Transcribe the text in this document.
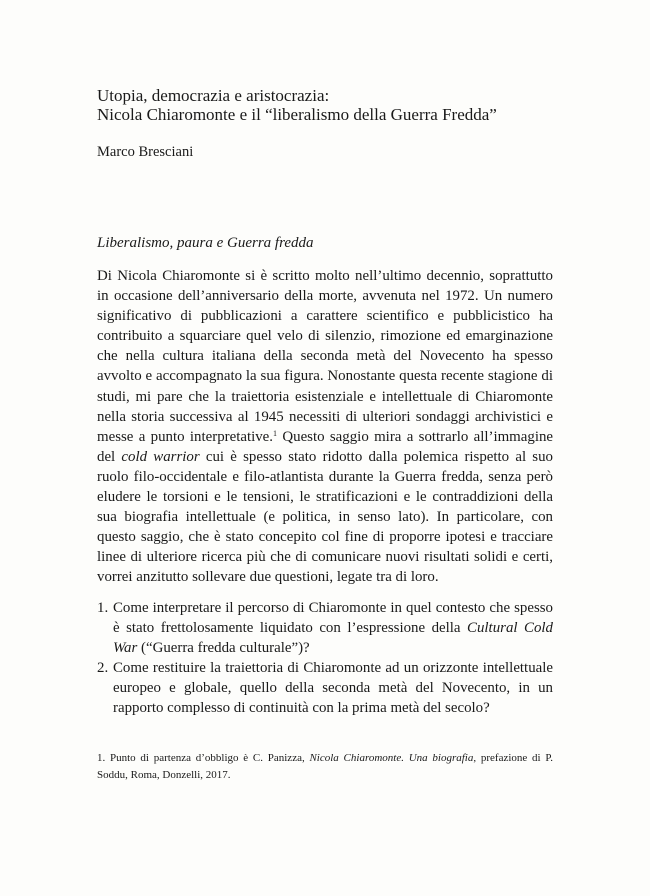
Utopia, democrazia e aristocrazia:
Nicola Chiaromonte e il “liberalismo della Guerra Fredda”
Marco Bresciani
Liberalismo, paura e Guerra fredda

Di Nicola Chiaromonte si è scritto molto nell’ultimo decennio, soprattutto in occasione dell’anniversario della morte, avvenuta nel 1972. Un numero significativo di pubblicazioni a carattere scientifico e pubblicistico ha contribuito a squarciare quel velo di silenzio, rimozione ed emarginazione che nella cultura italiana della seconda metà del Novecento ha spesso avvolto e accompagnato la sua figura. Nonostante questa recente stagione di studi, mi pare che la traiettoria esistenziale e intellettuale di Chiaromonte nella storia successiva al 1945 necessiti di ulteriori sondaggi archivistici e messe a punto interpretative.$^1$ Questo saggio mira a sottrarlo all’immagine del cold warrior cui è spesso stato ridotto dalla polemica rispetto al suo ruolo filo-occidentale e filo-atlantista durante la Guerra fredda, senza però eludere le torsioni e le tensioni, le stratificazioni e le contraddizioni della sua biografia intellettuale (e politica, in senso lato). In particolare, con questo saggio, che è stato concepito col fine di proporre ipotesi e tracciare linee di ulteriore ricerca più che di comunicare nuovi risultati solidi e certi, vorrei anzitutto sollevare due questioni, legate tra di loro.

1. Come interpretare il percorso di Chiaromonte in quel contesto che spesso è stato frettolosamente liquidato con l’espressione della Cultural Cold War (“Guerra fredda culturale”)?
2. Come restituire la traiettoria di Chiaromonte ad un orizzonte intellettuale europeo e globale, quello della seconda metà del Novecento, in un rapporto complesso di continuità con la prima metà del secolo?

1. Punto di partenza d’obbligo è C. Panizza, Nicola Chiaromonte. Una biografia, prefazione di P. Soddu, Roma, Donzelli, 2017.
